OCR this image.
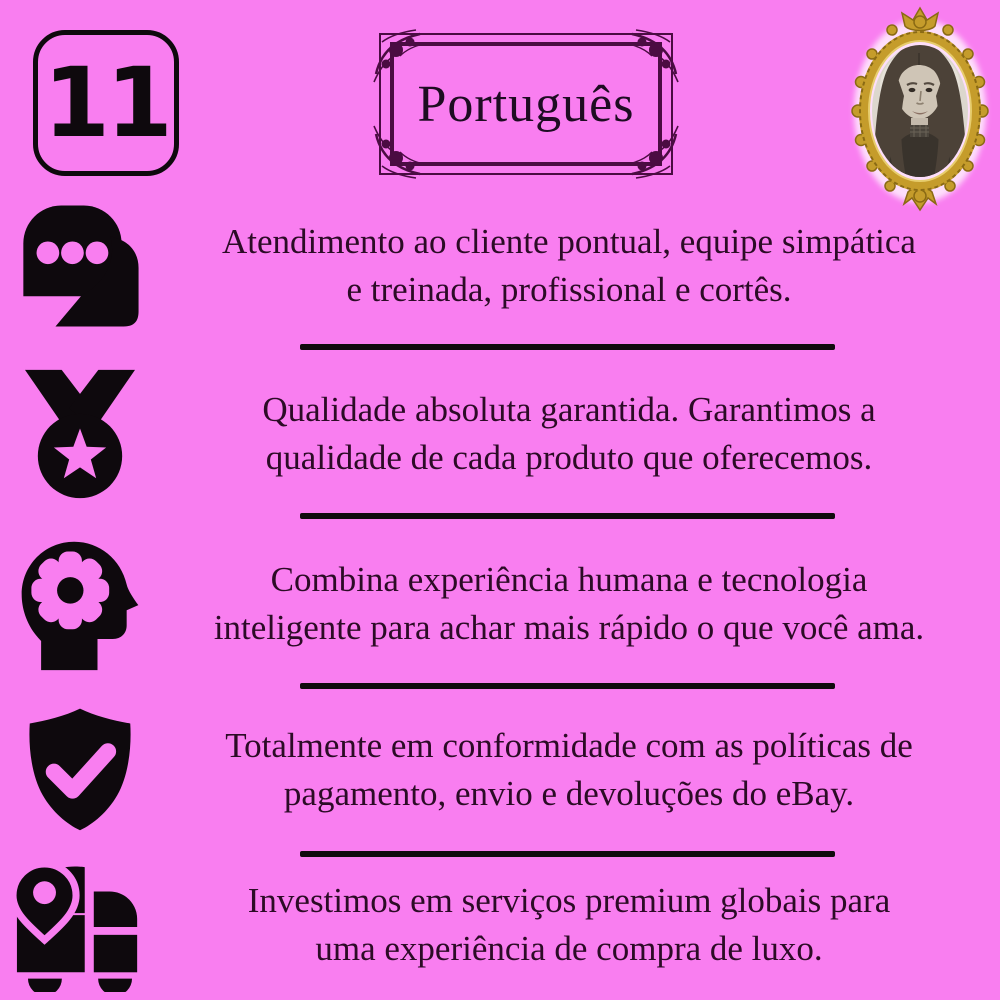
11	Português
Atendimento ao cliente pontual, equipe simpática
e treinada, profissional e cortês.
Qualidade absoluta garantida. Garantimos a
qualidade de cada produto que oferecemos.
Combina experiência humana e tecnologia
inteligente para achar mais rápido o que você ama.
Totalmente em conformidade com as políticas de
pagamento, envio e devoluções do eBay.
Investimos em serviços premium globais para
uma experiência de compra de luxo.
